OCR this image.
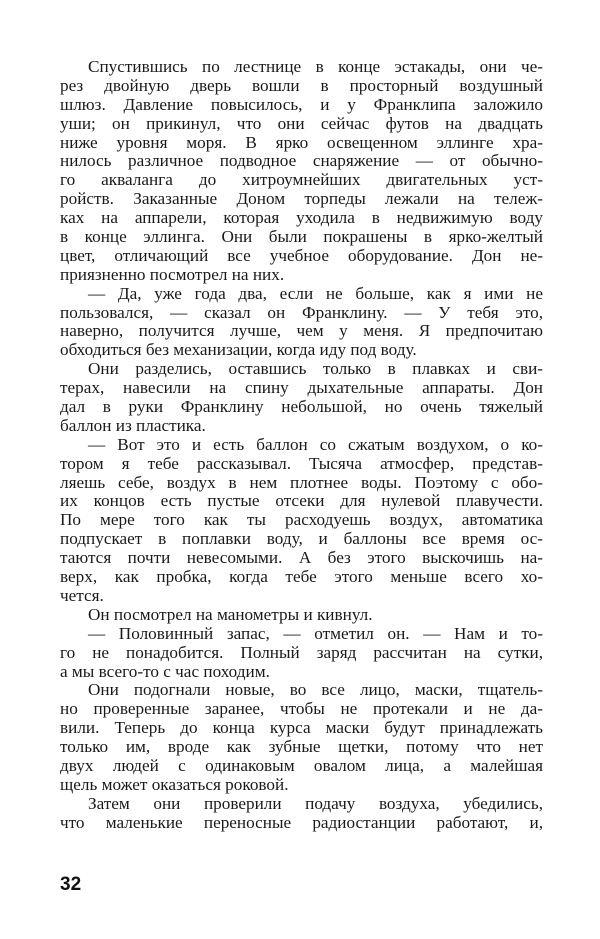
Спустившись по лестнице в конце эстакады, они че-
рез двойную дверь вошли в просторный воздушный
шлюз. Давление повысилось, и у Франклипа заложило
уши; он прикинул, что они сейчас футов на двадцать
ниже уровня моря. В ярко освещенном эллинге хра-
нилось различное подводное снаряжение — от обычно-
го акваланга до хитроумнейших двигательных уст-
ройств. Заказанные Доном торпеды лежали на тележ-
ках на аппарели, которая уходила в недвижимую воду
в конце эллинга. Они были покрашены в ярко-желтый
цвет, отличающий все учебное оборудование. Дон не-
приязненно посмотрел на них.
— Да, уже года два, если не больше, как я ими не
пользовался, — сказал он Франклину. — У тебя это,
наверно, получится лучше, чем у меня. Я предпочитаю
обходиться без механизации, когда иду под воду.
Они разделись, оставшись только в плавках и сви-
терах, навесили на спину дыхательные аппараты. Дон
дал в руки Франклину небольшой, но очень тяжелый
баллон из пластика.
— Вот это и есть баллон со сжатым воздухом, о ко-
тором я тебе рассказывал. Тысяча атмосфер, представ-
ляешь себе, воздух в нем плотнее воды. Поэтому с обо-
их концов есть пустые отсеки для нулевой плавучести.
По мере того как ты расходуешь воздух, автоматика
подпускает в поплавки воду, и баллоны все время ос-
таются почти невесомыми. А без этого выскочишь на-
верх, как пробка, когда тебе этого меньше всего хо-
чется.
Он посмотрел на манометры и кивнул.
— Половинный запас, — отметил он. — Нам и то-
го не понадобится. Полный заряд рассчитан на сутки,
а мы всего-то с час походим.
Они подогнали новые, во все лицо, маски, тщатель-
но проверенные заранее, чтобы не протекали и не да-
вили. Теперь до конца курса маски будут принадлежать
только им, вроде как зубные щетки, потому что нет
двух людей с одинаковым овалом лица, а малейшая
щель может оказаться роковой.
Затем они проверили подачу воздуха, убедились,
что маленькие переносные радиостанции работают, и,
32
